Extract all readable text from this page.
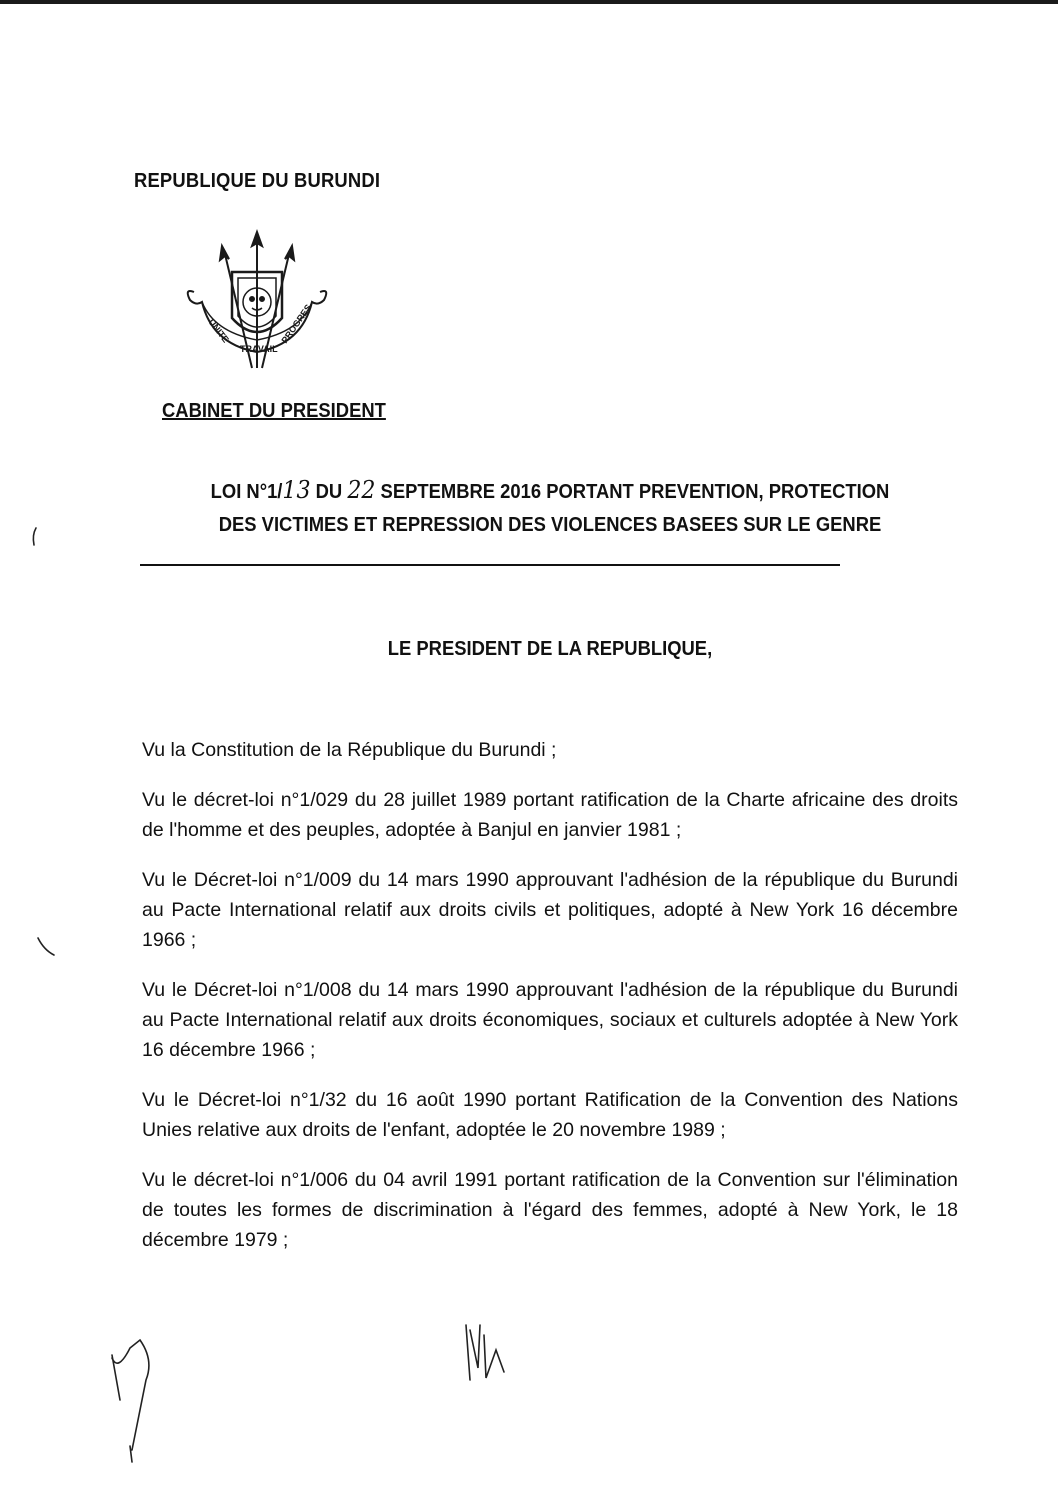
REPUBLIQUE DU BURUNDI
UNITE
TRAVAIL
PROGRES
CABINET DU PRESIDENT
LOI N°1/13 DU 22 SEPTEMBRE 2016 PORTANT PREVENTION, PROTECTION
DES VICTIMES ET REPRESSION DES VIOLENCES BASEES SUR LE GENRE
LE PRESIDENT DE LA REPUBLIQUE,

Vu la Constitution de la République du Burundi ;

Vu le décret-loi n°1/029 du 28 juillet 1989 portant ratification de la Charte africaine des droits de l'homme et des peuples, adoptée à Banjul en janvier 1981 ;

Vu le Décret-loi n°1/009 du 14 mars 1990 approuvant l'adhésion de la république du Burundi au Pacte International relatif aux droits civils et politiques, adopté à New York 16 décembre 1966 ;

Vu le Décret-loi n°1/008 du 14 mars 1990 approuvant l'adhésion de la république du Burundi au Pacte International relatif aux droits économiques, sociaux et culturels adoptée à New York 16 décembre 1966 ;

Vu le Décret-loi n°1/32 du 16 août 1990 portant Ratification de la Convention des Nations Unies relative aux droits de l'enfant, adoptée le 20 novembre 1989 ;

Vu le décret-loi n°1/006 du 04 avril 1991 portant ratification de la Convention sur l'élimination de toutes les formes de discrimination à l'égard des femmes, adopté à New York, le 18 décembre 1979 ;
